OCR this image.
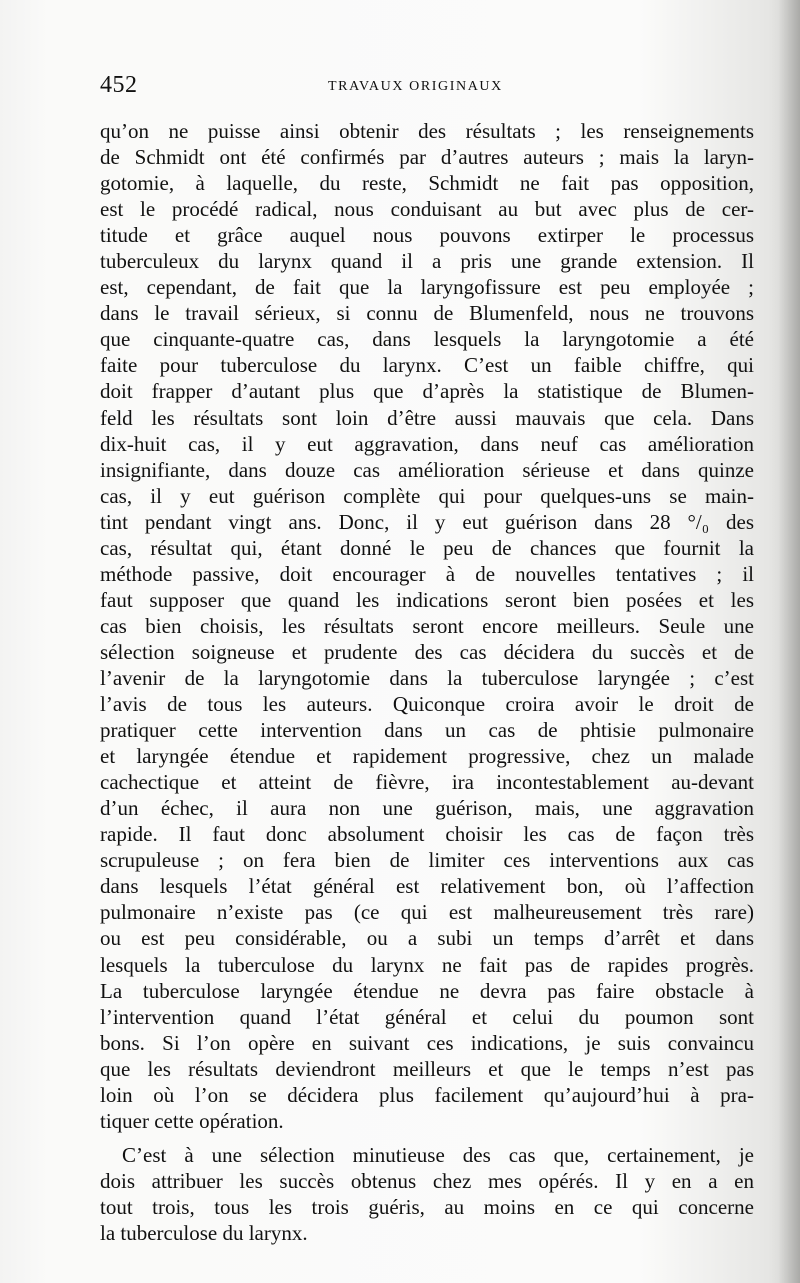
452	TRAVAUX ORIGINAUX
qu’on ne puisse ainsi obtenir des résultats ; les renseignements
de Schmidt ont été confirmés par d’autres auteurs ; mais la laryn-
gotomie, à laquelle, du reste, Schmidt ne fait pas opposition,
est le procédé radical, nous conduisant au but avec plus de cer-
titude et grâce auquel nous pouvons extirper le processus
tuberculeux du larynx quand il a pris une grande extension. Il
est, cependant, de fait que la laryngofissure est peu employée ;
dans le travail sérieux, si connu de Blumenfeld, nous ne trouvons
que cinquante-quatre cas, dans lesquels la laryngotomie a été
faite pour tuberculose du larynx. C’est un faible chiffre, qui
doit frapper d’autant plus que d’après la statistique de Blumen-
feld les résultats sont loin d’être aussi mauvais que cela. Dans
dix-huit cas, il y eut aggravation, dans neuf cas amélioration
insignifiante, dans douze cas amélioration sérieuse et dans quinze
cas, il y eut guérison complète qui pour quelques-uns se main-
tint pendant vingt ans. Donc, il y eut guérison dans 28 °/₀ des
cas, résultat qui, étant donné le peu de chances que fournit la
méthode passive, doit encourager à de nouvelles tentatives ; il
faut supposer que quand les indications seront bien posées et les
cas bien choisis, les résultats seront encore meilleurs. Seule une
sélection soigneuse et prudente des cas décidera du succès et de
l’avenir de la laryngotomie dans la tuberculose laryngée ; c’est
l’avis de tous les auteurs. Quiconque croira avoir le droit de
pratiquer cette intervention dans un cas de phtisie pulmonaire
et laryngée étendue et rapidement progressive, chez un malade
cachectique et atteint de fièvre, ira incontestablement au-devant
d’un échec, il aura non une guérison, mais, une aggravation
rapide. Il faut donc absolument choisir les cas de façon très
scrupuleuse ; on fera bien de limiter ces interventions aux cas
dans lesquels l’état général est relativement bon, où l’affection
pulmonaire n’existe pas (ce qui est malheureusement très rare)
ou est peu considérable, ou a subi un temps d’arrêt et dans
lesquels la tuberculose du larynx ne fait pas de rapides progrès.
La tuberculose laryngée étendue ne devra pas faire obstacle à
l’intervention quand l’état général et celui du poumon sont
bons. Si l’on opère en suivant ces indications, je suis convaincu
que les résultats deviendront meilleurs et que le temps n’est pas
loin où l’on se décidera plus facilement qu’aujourd’hui à pra-
tiquer cette opération.
C’est à une sélection minutieuse des cas que, certainement, je
dois attribuer les succès obtenus chez mes opérés. Il y en a en
tout trois, tous les trois guéris, au moins en ce qui concerne
la tuberculose du larynx.
